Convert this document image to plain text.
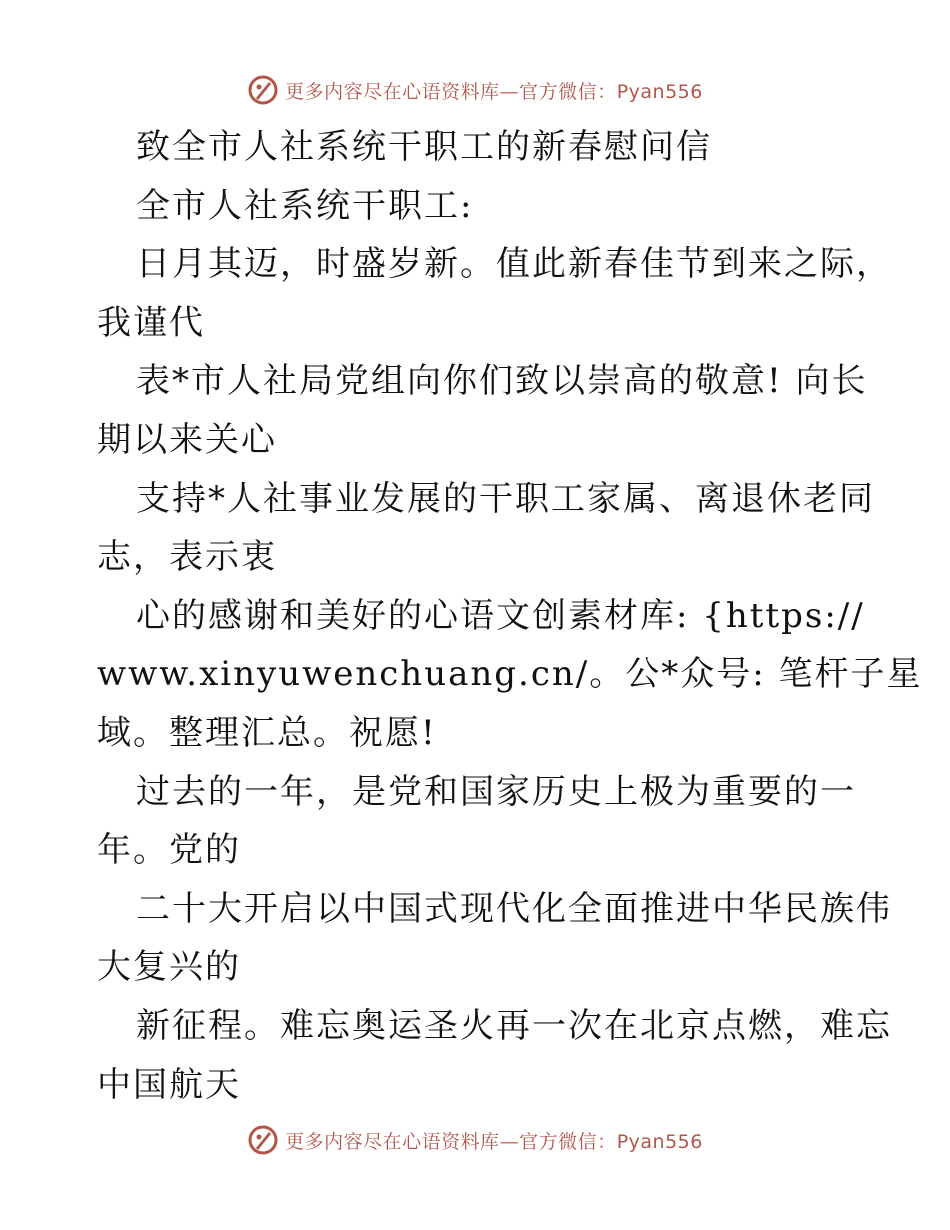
更多内容尽在心语资料库—官方微信：Pyan556
致全市人社系统干职工的新春慰问信
全市人社系统干职工:
日月其迈，时盛岁新。值此新春佳节到来之际，
我谨代
表*市人社局党组向你们致以崇高的敬意! 向长
期以来关心
支持*人社事业发展的干职工家属、离退休老同
志，表示衷
心的感谢和美好的心语文创素材库: {https://
www.xinyuwenchuang.cn/。公*众号: 笔杆子星
域。整理汇总。祝愿!
过去的一年，是党和国家历史上极为重要的一
年。党的
二十大开启以中国式现代化全面推进中华民族伟
大复兴的
新征程。难忘奥运圣火再一次在北京点燃，难忘
中国航天
更多内容尽在心语资料库—官方微信：Pyan556
